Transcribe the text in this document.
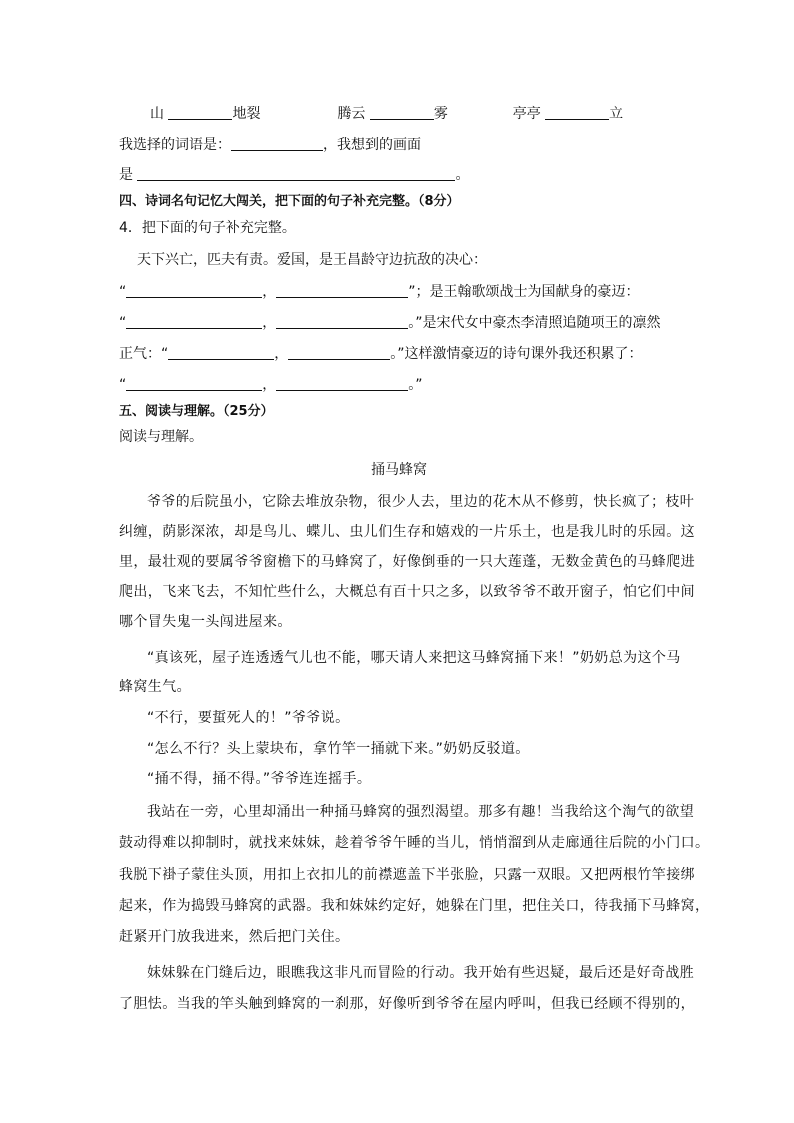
山	地裂	腾云	雾	亭亭	立
我选择的词语是：	，我想到的画面
是	。
四、诗词名句记忆大闯关，把下面的句子补充完整。（8分）
4．把下面的句子补充完整。
天下兴亡，匹夫有责。爱国，是王昌龄守边抗敌的决心：
“	，	”；是王翰歌颂战士为国献身的豪迈：
“	，	。”是宋代女中豪杰李清照追随项王的凛然
正气：“	，	。”这样激情豪迈的诗句课外我还积累了：
“	，	。”
五、阅读与理解。（25分）
阅读与理解。
捅马蜂窝
爷爷的后院虽小，它除去堆放杂物，很少人去，里边的花木从不修剪，快长疯了；枝叶
纠缠，荫影深浓，却是鸟儿、蝶儿、虫儿们生存和嬉戏的一片乐土，也是我儿时的乐园。这
里，最壮观的要属爷爷窗檐下的马蜂窝了，好像倒垂的一只大莲蓬，无数金黄色的马蜂爬进
爬出，飞来飞去，不知忙些什么，大概总有百十只之多，以致爷爷不敢开窗子，怕它们中间
哪个冒失鬼一头闯进屋来。
“真该死，屋子连透透气儿也不能，哪天请人来把这马蜂窝捅下来！”奶奶总为这个马
蜂窝生气。
“不行，要蜇死人的！”爷爷说。
“怎么不行？头上蒙块布，拿竹竿一捅就下来。”奶奶反驳道。
“捅不得，捅不得。”爷爷连连摇手。
我站在一旁，心里却涌出一种捅马蜂窝的强烈渴望。那多有趣！当我给这个淘气的欲望
鼓动得难以抑制时，就找来妹妹，趁着爷爷午睡的当儿，悄悄溜到从走廊通往后院的小门口。
我脱下褂子蒙住头顶，用扣上衣扣儿的前襟遮盖下半张脸，只露一双眼。又把两根竹竿接绑
起来，作为捣毁马蜂窝的武器。我和妹妹约定好，她躲在门里，把住关口，待我捅下马蜂窝，
赶紧开门放我进来，然后把门关住。
妹妹躲在门缝后边，眼瞧我这非凡而冒险的行动。我开始有些迟疑，最后还是好奇战胜
了胆怯。当我的竿头触到蜂窝的一刹那，好像听到爷爷在屋内呼叫，但我已经顾不得别的，
